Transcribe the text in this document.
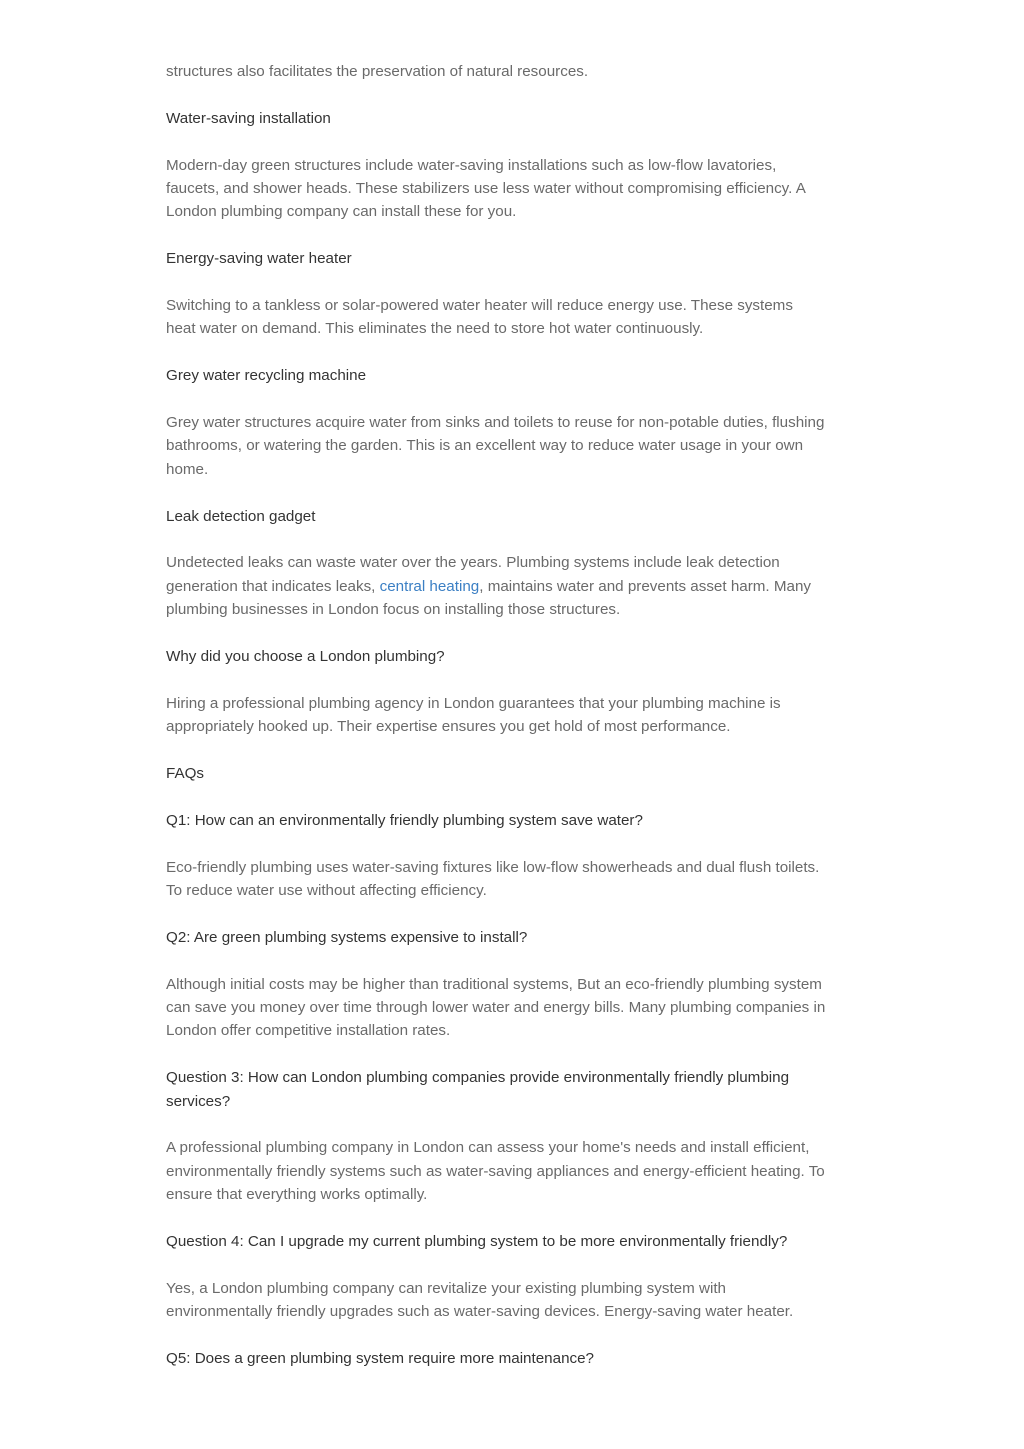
structures also facilitates the preservation of natural resources.

Water-saving installation

Modern-day green structures include water-saving installations such as low-flow lavatories, faucets, and shower heads. These stabilizers use less water without compromising efficiency. A London plumbing company can install these for you.

Energy-saving water heater

Switching to a tankless or solar-powered water heater will reduce energy use. These systems heat water on demand. This eliminates the need to store hot water continuously.

Grey water recycling machine

Grey water structures acquire water from sinks and toilets to reuse for non-potable duties, flushing bathrooms, or watering the garden. This is an excellent way to reduce water usage in your own home.

Leak detection gadget

Undetected leaks can waste water over the years. Plumbing systems include leak detection generation that indicates leaks, central heating, maintains water and prevents asset harm. Many plumbing businesses in London focus on installing those structures.

Why did you choose a London plumbing?

Hiring a professional plumbing agency in London guarantees that your plumbing machine is appropriately hooked up. Their expertise ensures you get hold of most performance.

FAQs

Q1: How can an environmentally friendly plumbing system save water?

Eco-friendly plumbing uses water-saving fixtures like low-flow showerheads and dual flush toilets. To reduce water use without affecting efficiency.

Q2: Are green plumbing systems expensive to install?

Although initial costs may be higher than traditional systems, But an eco-friendly plumbing system can save you money over time through lower water and energy bills. Many plumbing companies in London offer competitive installation rates.

Question 3: How can London plumbing companies provide environmentally friendly plumbing services?

A professional plumbing company in London can assess your home's needs and install efficient, environmentally friendly systems such as water-saving appliances and energy-efficient heating. To ensure that everything works optimally.

Question 4: Can I upgrade my current plumbing system to be more environmentally friendly?

Yes, a London plumbing company can revitalize your existing plumbing system with environmentally friendly upgrades such as water-saving devices. Energy-saving water heater.

Q5: Does a green plumbing system require more maintenance?
